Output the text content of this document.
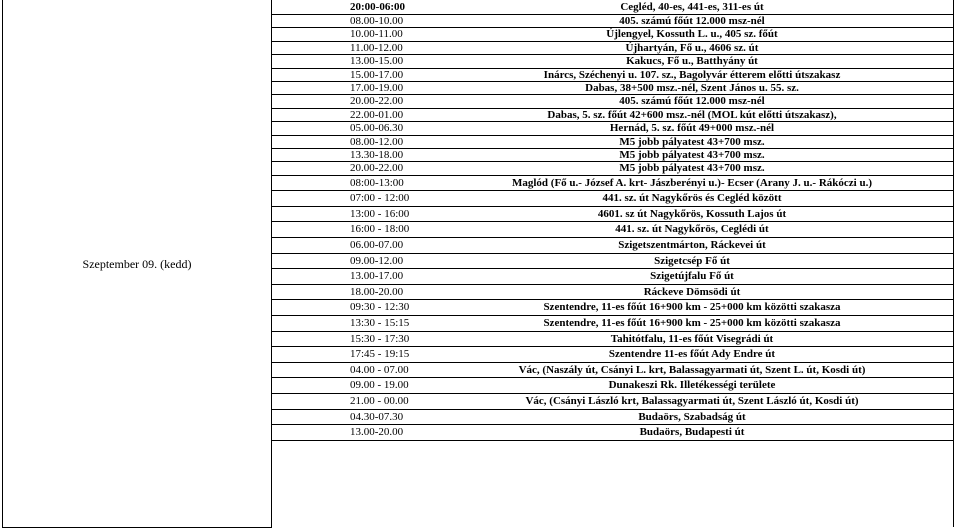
Szeptember 09. (kedd)
20:00-06:00	Cegléd, 40-es, 441-es, 311-es út
08.00-10.00	405. számú főút 12.000 msz-nél
10.00-11.00	Újlengyel, Kossuth L. u., 405 sz. főút
11.00-12.00	Újhartyán, Fő u., 4606 sz. út
13.00-15.00	Kakucs, Fő u., Batthyány út
15.00-17.00	Inárcs, Széchenyi u. 107. sz., Bagolyvár étterem előtti útszakasz
17.00-19.00	Dabas, 38+500 msz.-nél, Szent János u. 55. sz.
20.00-22.00	405. számú főút 12.000 msz-nél
22.00-01.00	Dabas, 5. sz. főút 42+600 msz.-nél (MOL kút előtti útszakasz),
05.00-06.30	Hernád, 5. sz. főút 49+000 msz.-nél
08.00-12.00	M5 jobb pályatest 43+700 msz.
13.30-18.00	M5 jobb pályatest 43+700 msz.
20.00-22.00	M5 jobb pályatest 43+700 msz.
08:00-13:00	Maglód (Fő u.- József A. krt- Jászberényi u.)- Ecser (Arany J. u.- Rákóczi u.)
07:00 - 12:00	441. sz. út Nagykőrös és Cegléd között
13:00 - 16:00	4601. sz út Nagykőrös, Kossuth Lajos út
16:00 - 18:00	441. sz. út Nagykőrös, Ceglédi út
06.00-07.00	Szigetszentmárton, Ráckevei út
09.00-12.00	Szigetcsép Fő út
13.00-17.00	Szigetújfalu Fő út
18.00-20.00	Ráckeve Dömsödi út
09:30 - 12:30	Szentendre, 11-es főút 16+900 km - 25+000 km közötti szakasza
13:30 - 15:15	Szentendre, 11-es főút 16+900 km - 25+000 km közötti szakasza
15:30 - 17:30	Tahitótfalu, 11-es főút Visegrádi út
17:45 - 19:15	Szentendre 11-es főút Ady Endre út
04.00 - 07.00	Vác, (Naszály út, Csányi L. krt, Balassagyarmati út, Szent L. út, Kosdi út)
09.00 - 19.00	Dunakeszi Rk. Illetékességi területe
21.00 - 00.00	Vác, (Csányi László krt, Balassagyarmati út, Szent László út, Kosdi út)
04.30-07.30	Budaörs, Szabadság út
13.00-20.00	Budaörs, Budapesti út
